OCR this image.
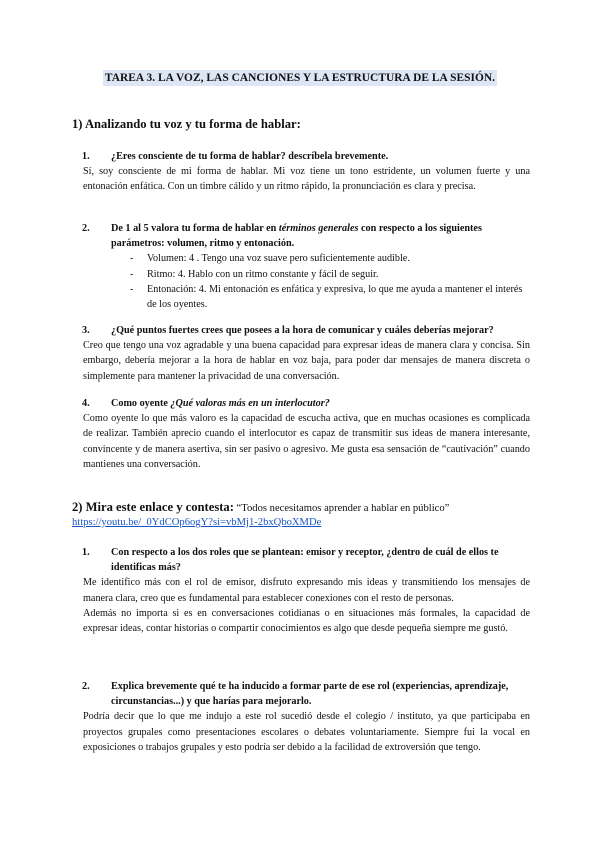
TAREA 3. LA VOZ, LAS CANCIONES Y LA ESTRUCTURA DE LA SESIÓN.
1) Analizando tu voz y tu forma de hablar:
1.	¿Eres consciente de tu forma de hablar? descríbela brevemente.
Sí, soy consciente de mi forma de hablar. Mi voz tiene un tono estridente, un volumen fuerte y una entonación enfática. Con un timbre cálido y un ritmo rápido, la pronunciación es clara y precisa.
2.	De 1 al 5 valora tu forma de hablar en términos generales con respecto a los siguientes parámetros: volumen, ritmo y entonación.
- Volumen: 4 . Tengo una voz suave pero suficientemente audible.
- Ritmo: 4. Hablo con un ritmo constante y fácil de seguir.
- Entonación: 4. Mi entonación es enfática y expresiva, lo que me ayuda a mantener el interés de los oyentes.
3.	¿Qué puntos fuertes crees que posees a la hora de comunicar y cuáles deberías mejorar?
Creo que tengo una voz agradable y una buena capacidad para expresar ideas de manera clara y concisa. Sin embargo, debería mejorar a la hora de hablar en voz baja, para poder dar mensajes de manera discreta o simplemente para mantener la privacidad de una conversación.
4.	Como oyente ¿Qué valoras más en un interlocutor?
Como oyente lo que más valoro es la capacidad de escucha activa, que en muchas ocasiones es complicada de realizar. También aprecio cuando el interlocutor es capaz de transmitir sus ideas de manera interesante, convincente y de manera asertiva, sin ser pasivo o agresivo. Me gusta esa sensación de “cautivación” cuando mantienes una conversación.
2) Mira este enlace y contesta: “Todos necesitamos aprender a hablar en público”
https://youtu.be/_0YdCOp6ogY?si=vbMj1-2bxQboXMDe
1.	Con respecto a los dos roles que se plantean: emisor y receptor, ¿dentro de cuál de ellos te identificas más?
Me identifico más con el rol de emisor, disfruto expresando mis ideas y transmitiendo los mensajes de manera clara, creo que es fundamental para establecer conexiones con el resto de personas.
Además no importa si es en conversaciones cotidianas o en situaciones más formales, la capacidad de expresar ideas, contar historias o compartir conocimientos es algo que desde pequeña siempre me gustó.
2.	Explica brevemente qué te ha inducido a formar parte de ese rol (experiencias, aprendizaje, circunstancias...) y que harías para mejorarlo.
Podría decir que lo que me indujo a este rol sucedió desde el colegio / instituto, ya que participaba en proyectos grupales como presentaciones escolares o debates voluntariamente. Siempre fui la vocal en exposiciones o trabajos grupales y esto podría ser debido a la facilidad de extroversión que tengo.
